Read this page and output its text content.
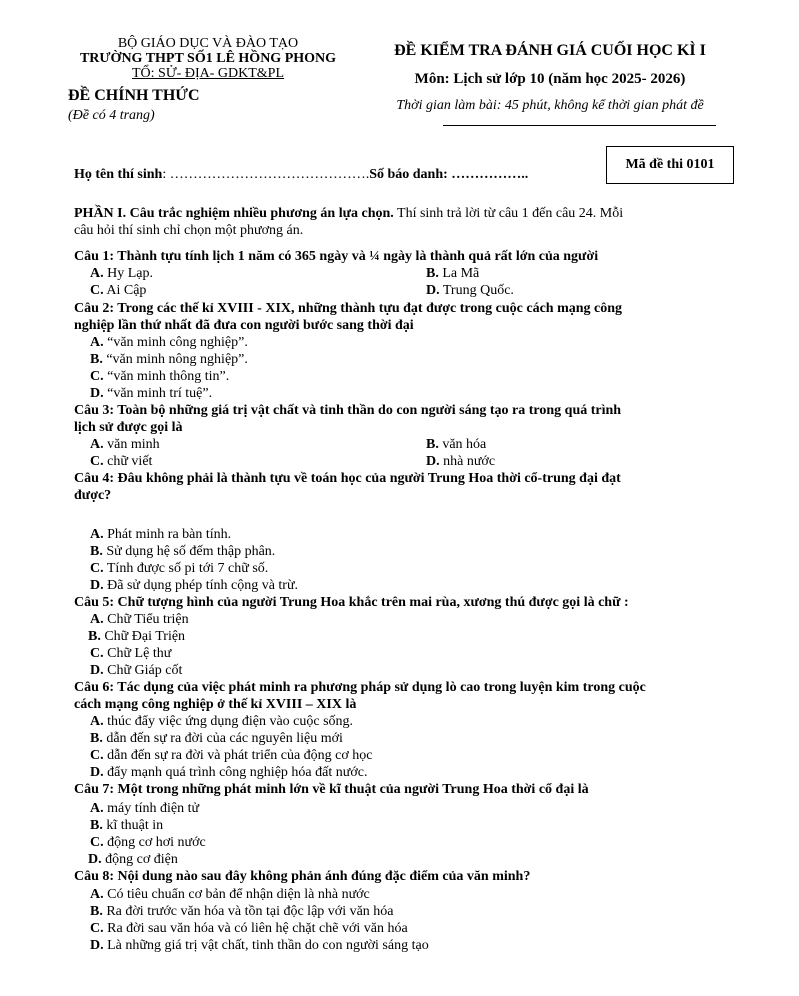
BỘ GIÁO DỤC VÀ ĐÀO TẠO
TRƯỜNG THPT SỐ1 LÊ HỒNG PHONG
TỔ: SỬ- ĐỊA- GDKT&PL
ĐỀ CHÍNH THỨC
(Đề có 4 trang)
ĐỀ KIỂM TRA ĐÁNH GIÁ CUỐI HỌC KÌ I
Môn: Lịch sử lớp 10 (năm học 2025- 2026)
Thời gian làm bài: 45 phút, không kể thời gian phát đề
Họ tên thí sinh: …………………………………….Số báo danh: ……………..
Mã đề thi 0101
PHẦN I. Câu trắc nghiệm nhiều phương án lựa chọn. Thí sinh trả lời từ câu 1 đến câu 24. Mỗi
câu hỏi thí sinh chỉ chọn một phương án.
Câu 1: Thành tựu tính lịch 1 năm có 365 ngày và ¼ ngày là thành quả rất lớn của người
A. Hy Lạp.	B. La Mã
C. Ai Cập	D. Trung Quốc.
Câu 2: Trong các thế kỉ XVIII - XIX, những thành tựu đạt được trong cuộc cách mạng công
nghiệp lần thứ nhất đã đưa con người bước sang thời đại
A. “văn minh công nghiệp”.
B. “văn minh nông nghiệp”.
C. “văn minh thông tin”.
D. “văn minh trí tuệ”.
Câu 3: Toàn bộ những giá trị vật chất và tinh thần do con người sáng tạo ra trong quá trình
lịch sử được gọi là
A. văn minh	B. văn hóa
C. chữ viết	D. nhà nước
Câu 4: Đâu không phải là thành tựu về toán học của người Trung Hoa thời cổ-trung đại đạt
được?
A. Phát minh ra bàn tính.
B. Sử dụng hệ số đếm thập phân.
C. Tính được số pi tới 7 chữ số.
D. Đã sử dụng phép tính cộng và trừ.
Câu 5: Chữ tượng hình của người Trung Hoa khắc trên mai rùa, xương thú được gọi là chữ :
A. Chữ Tiểu triện
B. Chữ Đại Triện
C. Chữ Lệ thư
D. Chữ Giáp cốt
Câu 6: Tác dụng của việc phát minh ra phương pháp sử dụng lò cao trong luyện kim trong cuộc
cách mạng công nghiệp ở thế kỉ XVIII – XIX là
A. thúc đẩy việc ứng dụng điện vào cuộc sống.
B. dẫn đến sự ra đời của các nguyên liệu mới
C. dẫn đến sự ra đời và phát triển của động cơ học
D. đẩy mạnh quá trình công nghiệp hóa đất nước.
Câu 7: Một trong những phát minh lớn về kĩ thuật của người Trung Hoa thời cổ đại là
A. máy tính điện tử
B. kĩ thuật in
C. động cơ hơi nước
D. động cơ điện
Câu 8: Nội dung nào sau đây không phản ánh đúng đặc điểm của văn minh?
A. Có tiêu chuẩn cơ bản để nhận diện là nhà nước
B. Ra đời trước văn hóa và tồn tại độc lập với văn hóa
C. Ra đời sau văn hóa và có liên hệ chặt chẽ với văn hóa
D. Là những giá trị vật chất, tinh thần do con người sáng tạo
